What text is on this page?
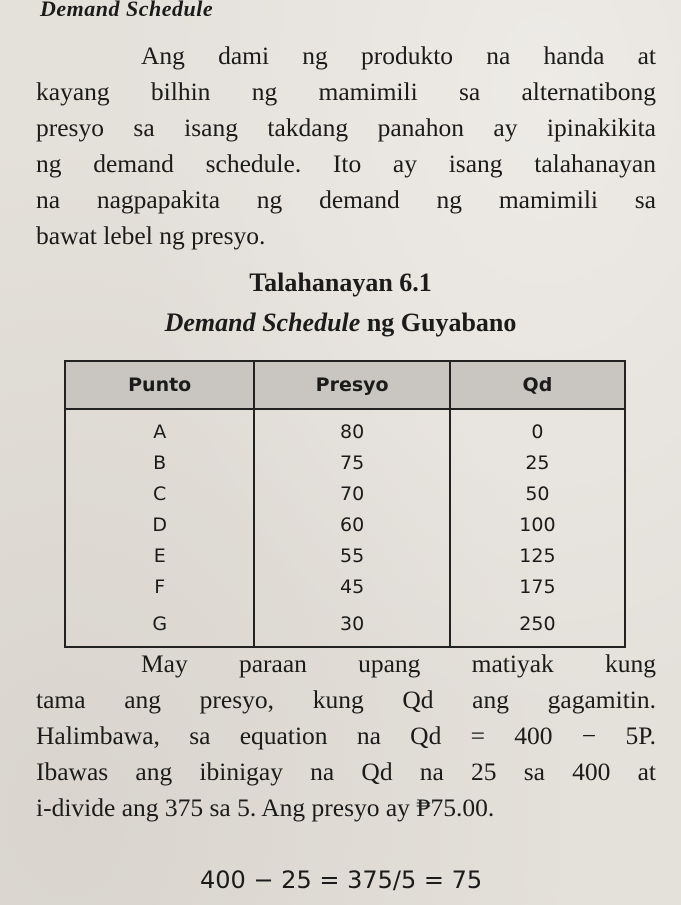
Demand Schedule
Ang dami ng produkto na handa at
kayang bilhin ng mamimili sa alternatibong
presyo sa isang takdang panahon ay ipinakikita
ng demand schedule. Ito ay isang talahanayan
na nagpapakita ng demand ng mamimili sa
bawat lebel ng presyo.
Talahanayan 6.1
Demand Schedule ng Guyabano
Punto	Presyo	Qd
A	80	0
B	75	25
C	70	50
D	60	100
E	55	125
F	45	175
G	30	250
May paraan upang matiyak kung
tama ang presyo, kung Qd ang gagamitin.
Halimbawa, sa equation na Qd = 400 − 5P.
Ibawas ang ibinigay na Qd na 25 sa 400 at
i-divide ang 375 sa 5. Ang presyo ay ₱75.00.
400 − 25 = 375/5 = 75
